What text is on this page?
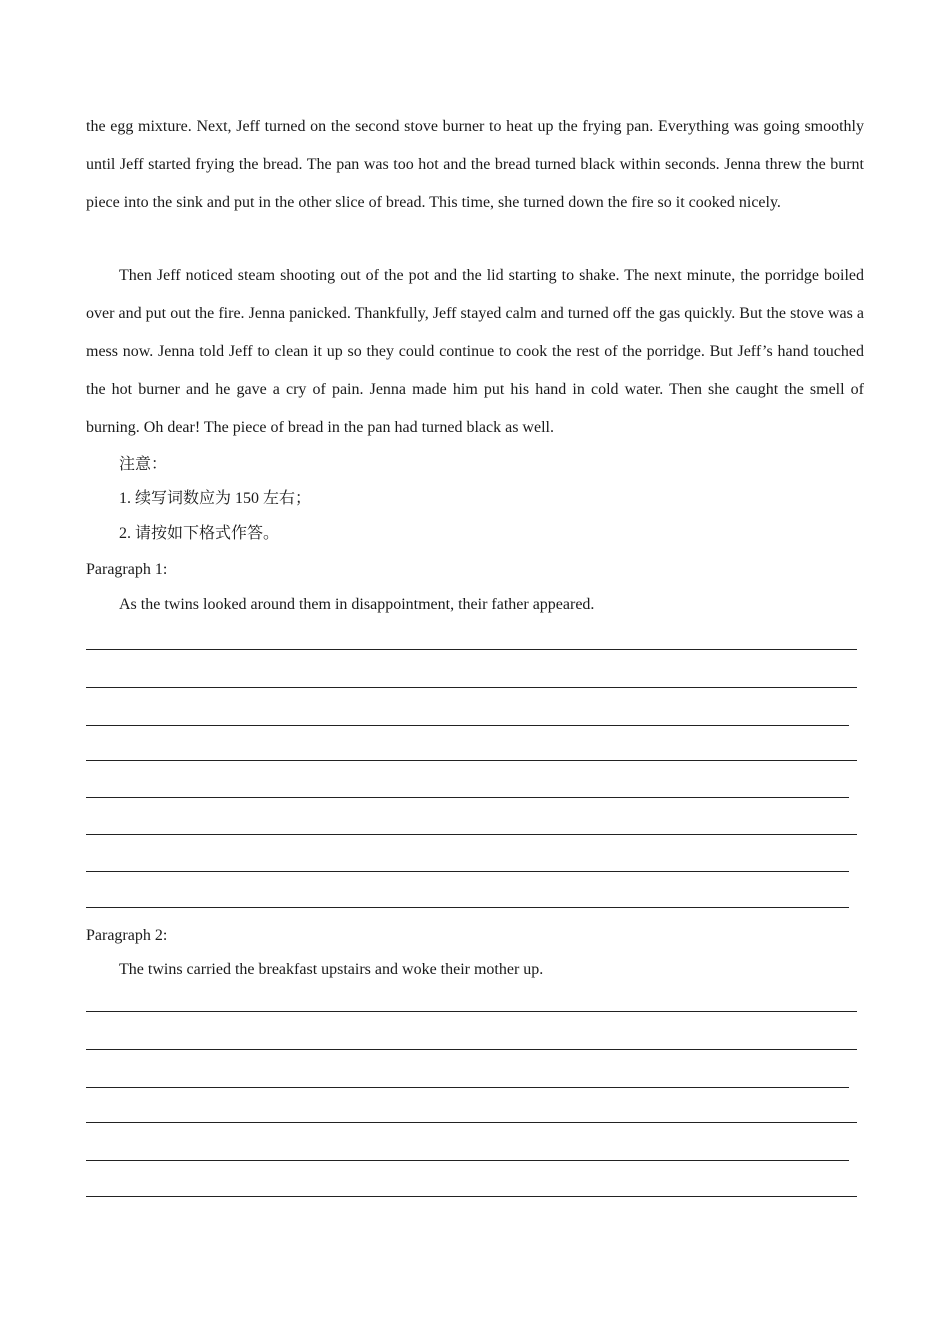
the egg mixture. Next, Jeff turned on the second stove burner to heat up the frying pan. Everything was going smoothly until Jeff started frying the bread. The pan was too hot and the bread turned black within seconds. Jenna threw the burnt piece into the sink and put in the other slice of bread. This time, she turned down the fire so it cooked nicely.

Then Jeff noticed steam shooting out of the pot and the lid starting to shake. The next minute, the porridge boiled over and put out the fire. Jenna panicked. Thankfully, Jeff stayed calm and turned off the gas quickly. But the stove was a mess now. Jenna told Jeff to clean it up so they could continue to cook the rest of the porridge. But Jeff’s hand touched the hot burner and he gave a cry of pain. Jenna made him put his hand in cold water. Then she caught the smell of burning. Oh dear! The piece of bread in the pan had turned black as well.

注意：
1. 续写词数应为 150 左右；
2. 请按如下格式作答。
Paragraph 1:
As the twins looked around them in disappointment, their father appeared.
Paragraph 2:
The twins carried the breakfast upstairs and woke their mother up.
